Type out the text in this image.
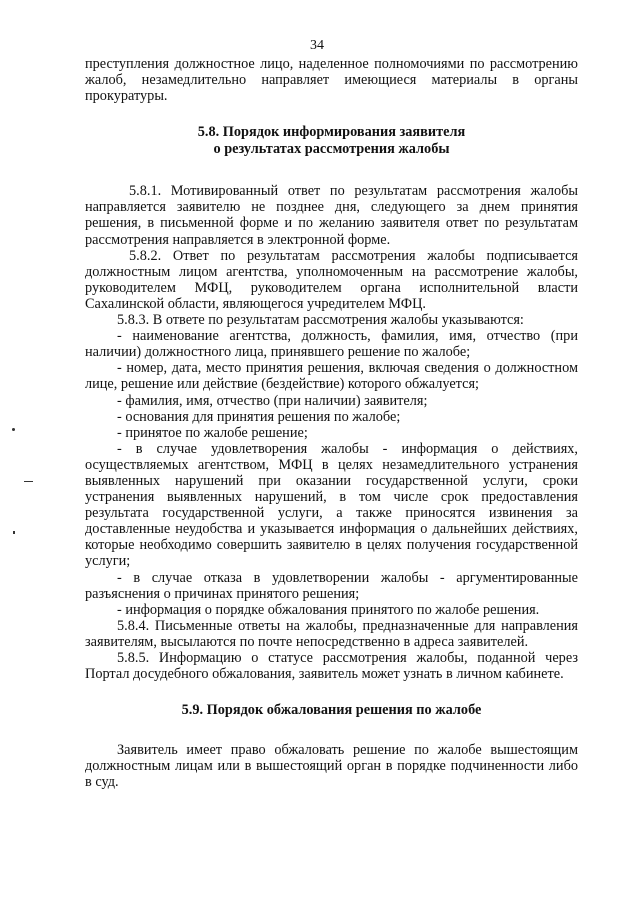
34

преступления должностное лицо, наделенное полномочиями по рассмотрению жалоб, незамедлительно направляет имеющиеся материалы в органы прокуратуры.

5.8. Порядок информирования заявителя
о результатах рассмотрения жалобы

5.8.1. Мотивированный ответ по результатам рассмотрения жалобы направляется заявителю не позднее дня, следующего за днем принятия решения, в письменной форме и по желанию заявителя ответ по результатам рассмотрения направляется в электронной форме.

5.8.2. Ответ по результатам рассмотрения жалобы подписывается должностным лицом агентства, уполномоченным на рассмотрение жалобы, руководителем МФЦ, руководителем органа исполнительной власти Сахалинской области, являющегося учредителем МФЦ.

5.8.3. В ответе по результатам рассмотрения жалобы указываются:

- наименование агентства, должность, фамилия, имя, отчество (при наличии) должностного лица, принявшего решение по жалобе;

- номер, дата, место принятия решения, включая сведения о должностном лице, решение или действие (бездействие) которого обжалуется;

- фамилия, имя, отчество (при наличии) заявителя;

- основания для принятия решения по жалобе;

- принятое по жалобе решение;

- в случае удовлетворения жалобы - информация о действиях, осуществляемых агентством, МФЦ в целях незамедлительного устранения выявленных нарушений при оказании государственной услуги, сроки устранения выявленных нарушений, в том числе срок предоставления результата государственной услуги, а также приносятся извинения за доставленные неудобства и указывается информация о дальнейших действиях, которые необходимо совершить заявителю в целях получения государственной услуги;

- в случае отказа в удовлетворении жалобы - аргументированные разъяснения о причинах принятого решения;

- информация о порядке обжалования принятого по жалобе решения.

5.8.4. Письменные ответы на жалобы, предназначенные для направления заявителям, высылаются по почте непосредственно в адреса заявителей.

5.8.5. Информацию о статусе рассмотрения жалобы, поданной через Портал досудебного обжалования, заявитель может узнать в личном кабинете.

5.9. Порядок обжалования решения по жалобе

Заявитель имеет право обжаловать решение по жалобе вышестоящим должностным лицам или в вышестоящий орган в порядке подчиненности либо в суд.
